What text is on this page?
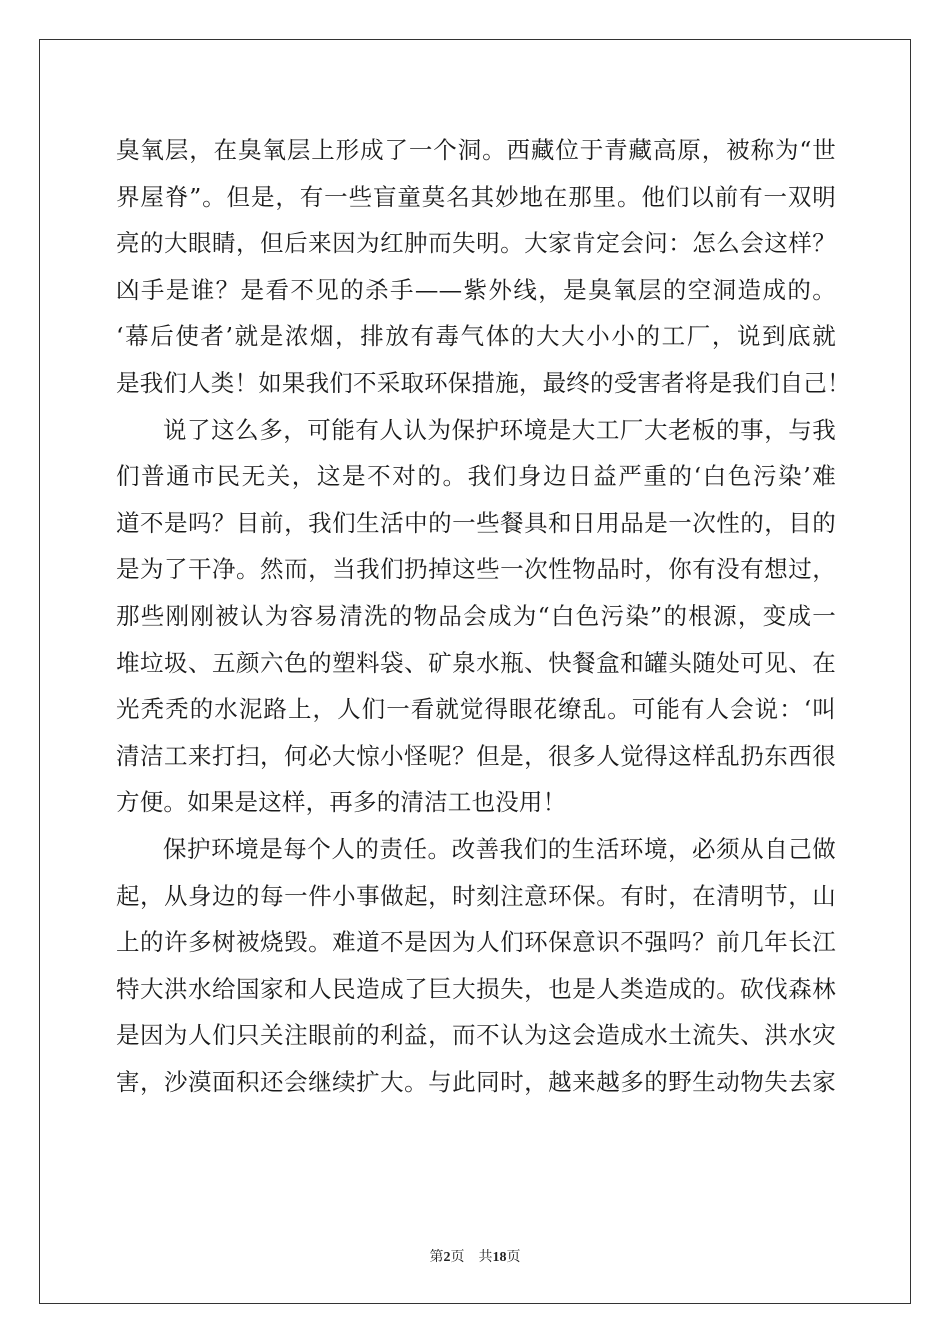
臭氧层，在臭氧层上形成了一个洞。西藏位于青藏高原，被称为“世
界屋脊”。但是，有一些盲童莫名其妙地在那里。他们以前有一双明
亮的大眼睛，但后来因为红肿而失明。大家肯定会问：怎么会这样？
凶手是谁？是看不见的杀手——紫外线，是臭氧层的空洞造成的。
‘幕后使者’就是浓烟，排放有毒气体的大大小小的工厂，说到底就
是我们人类！如果我们不采取环保措施，最终的受害者将是我们自己！
说了这么多，可能有人认为保护环境是大工厂大老板的事，与我
们普通市民无关，这是不对的。我们身边日益严重的‘白色污染’难
道不是吗？目前，我们生活中的一些餐具和日用品是一次性的，目的
是为了干净。然而，当我们扔掉这些一次性物品时，你有没有想过，
那些刚刚被认为容易清洗的物品会成为“白色污染”的根源，变成一
堆垃圾、五颜六色的塑料袋、矿泉水瓶、快餐盒和罐头随处可见、在
光秃秃的水泥路上，人们一看就觉得眼花缭乱。可能有人会说：‘叫
清洁工来打扫，何必大惊小怪呢？但是，很多人觉得这样乱扔东西很
方便。如果是这样，再多的清洁工也没用！
保护环境是每个人的责任。改善我们的生活环境，必须从自己做
起，从身边的每一件小事做起，时刻注意环保。有时，在清明节，山
上的许多树被烧毁。难道不是因为人们环保意识不强吗？前几年长江
特大洪水给国家和人民造成了巨大损失，也是人类造成的。砍伐森林
是因为人们只关注眼前的利益，而不认为这会造成水土流失、洪水灾
害，沙漠面积还会继续扩大。与此同时，越来越多的野生动物失去家
第2页 共18页
